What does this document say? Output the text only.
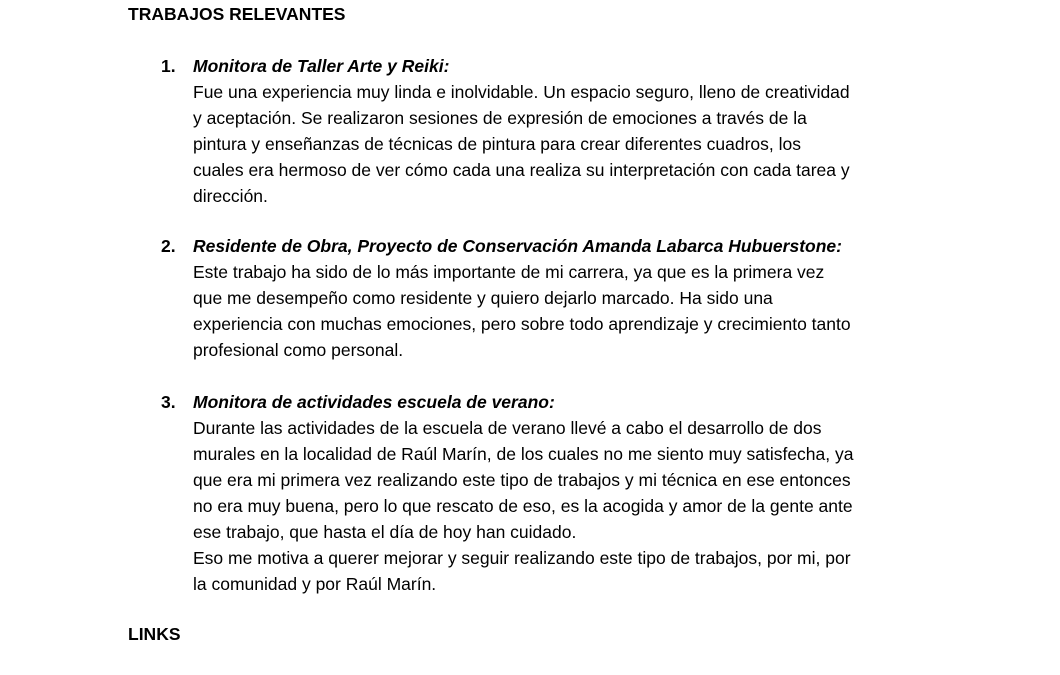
TRABAJOS RELEVANTES
1. Monitora de Taller Arte y Reiki:
Fue una experiencia muy linda e inolvidable. Un espacio seguro, lleno de creatividad
y aceptación. Se realizaron sesiones de expresión de emociones a través de la
pintura y enseñanzas de técnicas de pintura para crear diferentes cuadros, los
cuales era hermoso de ver cómo cada una realiza su interpretación con cada tarea y
dirección.
2. Residente de Obra, Proyecto de Conservación Amanda Labarca Hubuerstone:
Este trabajo ha sido de lo más importante de mi carrera, ya que es la primera vez
que me desempeño como residente y quiero dejarlo marcado. Ha sido una
experiencia con muchas emociones, pero sobre todo aprendizaje y crecimiento tanto
profesional como personal.
3. Monitora de actividades escuela de verano:
Durante las actividades de la escuela de verano llevé a cabo el desarrollo de dos
murales en la localidad de Raúl Marín, de los cuales no me siento muy satisfecha, ya
que era mi primera vez realizando este tipo de trabajos y mi técnica en ese entonces
no era muy buena, pero lo que rescato de eso, es la acogida y amor de la gente ante
ese trabajo, que hasta el día de hoy han cuidado.
Eso me motiva a querer mejorar y seguir realizando este tipo de trabajos, por mi, por
la comunidad y por Raúl Marín.
LINKS
